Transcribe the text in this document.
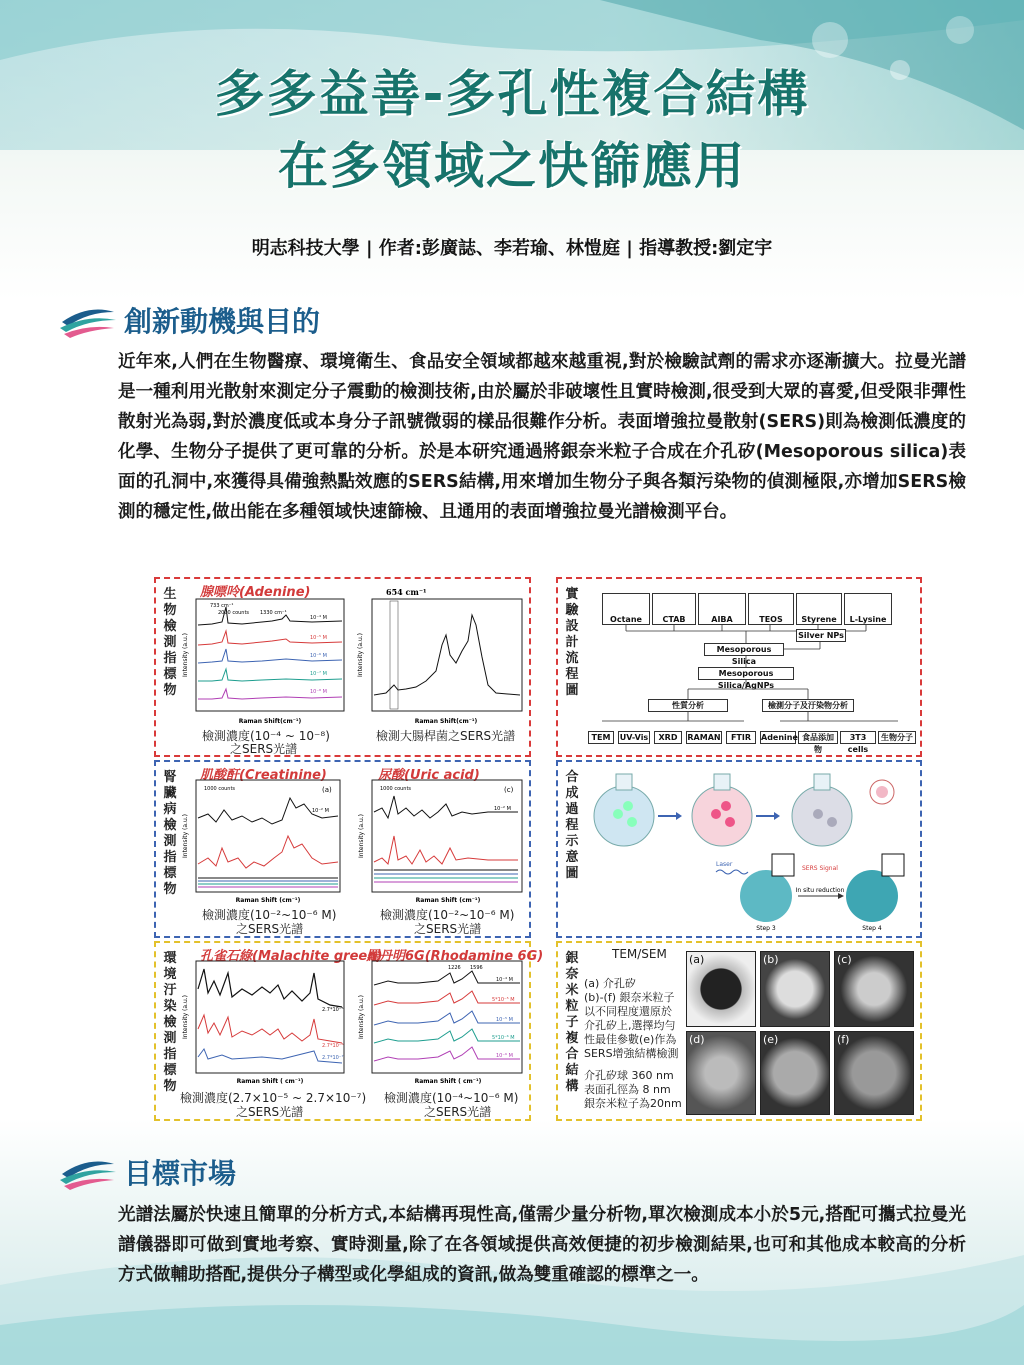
多多益善-多孔性複合結構
在多領域之快篩應用
明志科技大學 | 作者:彭廣誌、李若瑜、林愷庭 | 指導教授:劉定宇
創新動機與目的
近年來,人們在生物醫療、環境衛生、食品安全領域都越來越重視,對於檢驗試劑的需求亦逐漸擴大。拉曼光譜是一種利用光散射來測定分子震動的檢測技術,由於屬於非破壞性且實時檢測,很受到大眾的喜愛,但受限非彈性散射光為弱,對於濃度低或本身分子訊號微弱的樣品很難作分析。表面增強拉曼散射(SERS)則為檢測低濃度的化學、生物分子提供了更可靠的分析。於是本研究通過將銀奈米粒子合成在介孔矽(Mesoporous silica)表面的孔洞中,來獲得具備強熱點效應的SERS結構,用來增加生物分子與各類污染物的偵測極限,亦增加SERS檢測的穩定性,做出能在多種領域快速篩檢、且通用的表面增強拉曼光譜檢測平台。
生物檢測指標物
腺嘌呤(Adenine)
Intensity (a.u.)
Raman Shift(cm⁻¹)
733 cm⁻¹
2000 counts 1330 cm⁻¹
10⁻⁴ M
10⁻⁵ M
10⁻⁶ M
10⁻⁷ M
10⁻⁸ M
檢測濃度(10⁻⁴ ~ 10⁻⁸)
之SERS光譜
654 cm⁻¹
Intensity (a.u.)
Raman Shift(cm⁻¹)
檢測大腸桿菌之SERS光譜
腎臟病檢測指標物
肌酸酐(Creatinine)	尿酸(Uric acid)
Intensity (a.u.)
Raman Shift (cm⁻¹)
1000 counts	(a)
10⁻² M
Intensity (a.u.)
Raman Shift (cm⁻¹)
1000 counts	(c)
10⁻² M
檢測濃度(10⁻²~10⁻⁶ M)
之SERS光譜
檢測濃度(10⁻²~10⁻⁶ M)
之SERS光譜
環境汙染檢測指標物
孔雀石綠(Malachite green)
羅丹明6G(Rhodamine 6G)
Intensity (a.u.)
Raman Shift ( cm⁻¹)
2.7*10⁻⁵
2.7*10⁻⁶
2.7*10⁻⁷
Intensity (a.u.)
Raman Shift ( cm⁻¹)
1226 1596
10⁻⁴ M
5*10⁻⁵ M
10⁻⁵ M
5*10⁻⁶ M
10⁻⁶ M
檢測濃度(2.7×10⁻⁵ ~ 2.7×10⁻⁷)
之SERS光譜
檢測濃度(10⁻⁴~10⁻⁶ M)
之SERS光譜
實驗設計流程圖
Octane	CTAB	AIBA	TEOS	Styrene	L-Lysine
Silver NPs
Mesoporous Silica
Mesoporous Silica/AgNPs
性質分析	檢測分子及汙染物分析
TEM	UV-Vis	XRD	RAMAN	FTIR	Adenine 食品添加物
3T3 cells
生物分子
合成過程示意圖
In situ reduction
Laser
SERS Signal
Step 3	Step 4
銀奈米粒子複合結構
TEM/SEM
(a) 介孔矽
(b)-(f) 銀奈米粒子
以不同程度還原於
介孔矽上,選擇均勻
性最佳參數(e)作為
SERS增強結構檢測
介孔矽球 360 nm
表面孔徑為 8 nm
銀奈米粒子為20nm
(a)	(b)	(c)
(d)	(e)	(f)
目標市場
光譜法屬於快速且簡單的分析方式,本結構再現性高,僅需少量分析物,單次檢測成本小於5元,搭配可攜式拉曼光譜儀器即可做到實地考察、實時測量,除了在各領域提供高效便捷的初步檢測結果,也可和其他成本較高的分析方式做輔助搭配,提供分子構型或化學組成的資訊,做為雙重確認的標準之一。
